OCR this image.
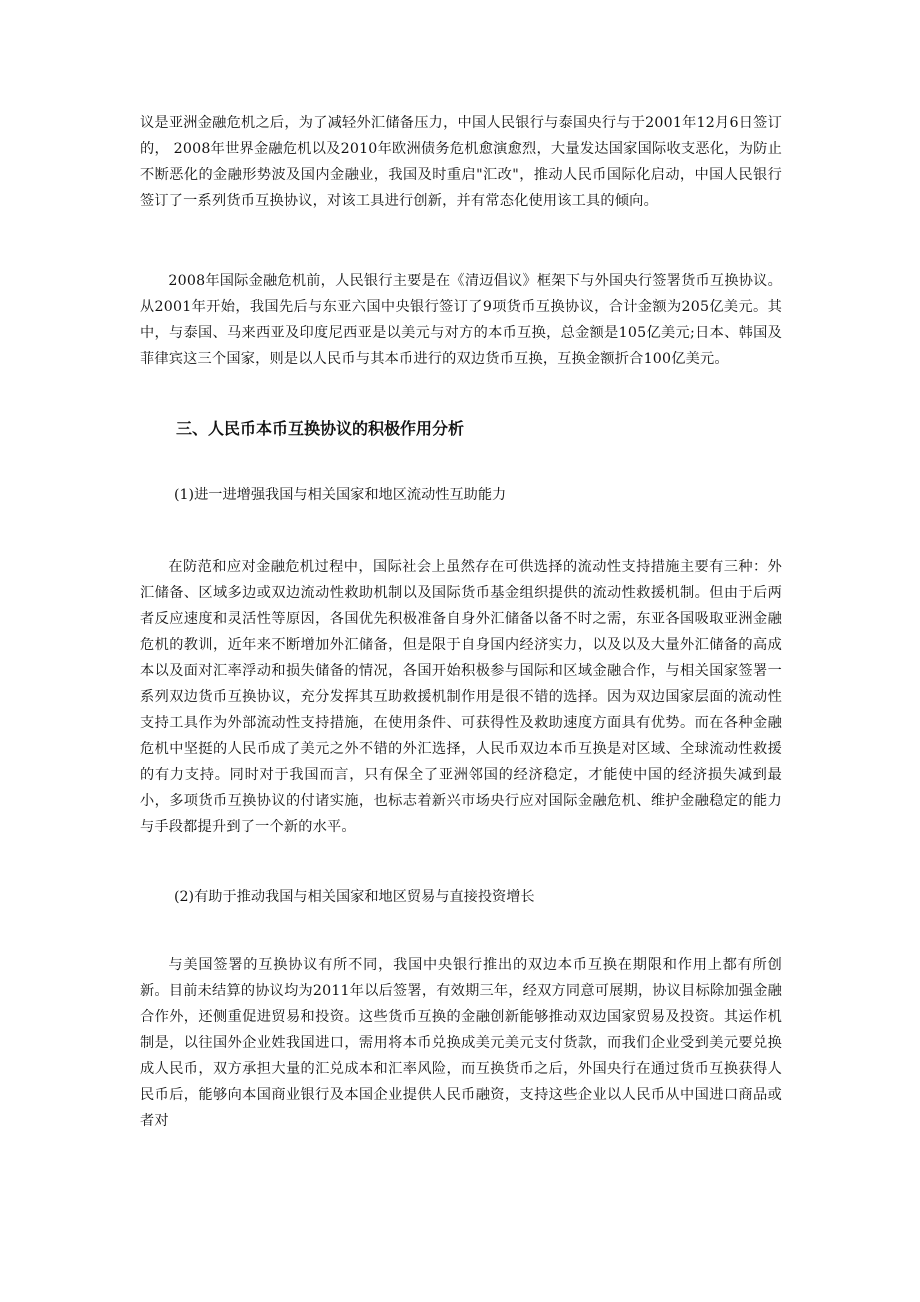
议是亚洲金融危机之后，为了减轻外汇储备压力，中国人民银行与泰国央行与于2001年12月6日签订的， 2008年世界金融危机以及2010年欧洲债务危机愈演愈烈，大量发达国家国际收支恶化，为防止不断恶化的金融形势波及国内金融业，我国及时重启"汇改"，推动人民币国际化启动，中国人民银行签订了一系列货币互换协议，对该工具进行创新，并有常态化使用该工具的倾向。

2008年国际金融危机前，人民银行主要是在《清迈倡议》框架下与外国央行签署货币互换协议。从2001年开始，我国先后与东亚六国中央银行签订了9项货币互换协议，合计金额为205亿美元。其中，与泰国、马来西亚及印度尼西亚是以美元与对方的本币互换，总金额是105亿美元;日本、韩国及菲律宾这三个国家，则是以人民币与其本币进行的双边货币互换，互换金额折合100亿美元。

三、人民币本币互换协议的积极作用分析

(1)进一进增强我国与相关国家和地区流动性互助能力

在防范和应对金融危机过程中，国际社会上虽然存在可供选择的流动性支持措施主要有三种：外汇储备、区域多边或双边流动性救助机制以及国际货币基金组织提供的流动性救援机制。但由于后两者反应速度和灵活性等原因，各国优先积极准备自身外汇储备以备不时之需，东亚各国吸取亚洲金融危机的教训，近年来不断增加外汇储备，但是限于自身国内经济实力，以及以及大量外汇储备的高成本以及面对汇率浮动和损失储备的情况，各国开始积极参与国际和区域金融合作，与相关国家签署一系列双边货币互换协议，充分发挥其互助救援机制作用是很不错的选择。因为双边国家层面的流动性支持工具作为外部流动性支持措施，在使用条件、可获得性及救助速度方面具有优势。而在各种金融危机中坚挺的人民币成了美元之外不错的外汇选择，人民币双边本币互换是对区域、全球流动性救援的有力支持。同时对于我国而言，只有保全了亚洲邻国的经济稳定，才能使中国的经济损失减到最小，多项货币互换协议的付诸实施，也标志着新兴市场央行应对国际金融危机、维护金融稳定的能力与手段都提升到了一个新的水平。

(2)有助于推动我国与相关国家和地区贸易与直接投资增长

与美国签署的互换协议有所不同，我国中央银行推出的双边本币互换在期限和作用上都有所创新。目前未结算的协议均为2011年以后签署，有效期三年，经双方同意可展期，协议目标除加强金融合作外，还侧重促进贸易和投资。这些货币互换的金融创新能够推动双边国家贸易及投资。其运作机制是，以往国外企业姓我国进口，需用将本币兑换成美元美元支付货款，而我们企业受到美元要兑换成人民币，双方承担大量的汇兑成本和汇率风险，而互换货币之后，外国央行在通过货币互换获得人民币后，能够向本国商业银行及本国企业提供人民币融资，支持这些企业以人民币从中国进口商品或者对
